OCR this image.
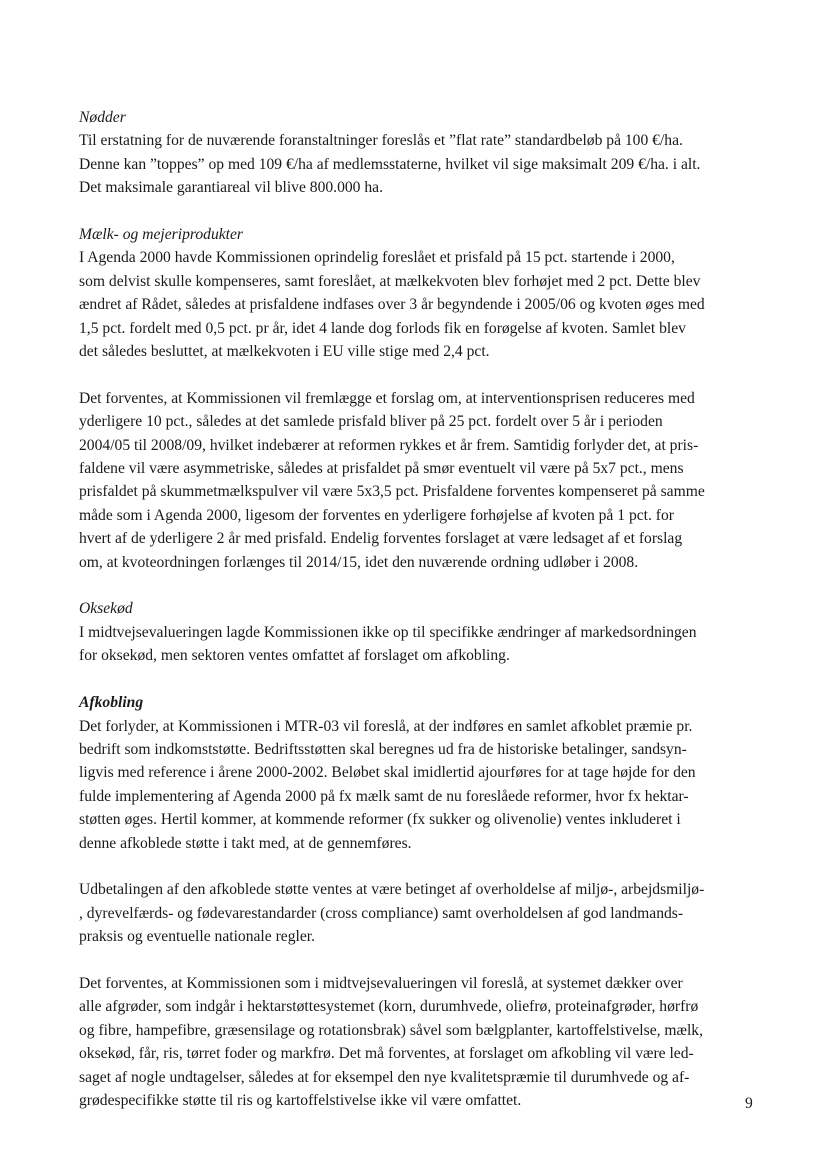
Nødder
Til erstatning for de nuværende foranstaltninger foreslås et ”flat rate” standardbeløb på 100 €/ha.
Denne kan ”toppes” op med 109 €/ha af medlemsstaterne, hvilket vil sige maksimalt 209 €/ha. i alt.
Det maksimale garantiareal vil blive 800.000 ha.
Mælk- og mejeriprodukter
I Agenda 2000 havde Kommissionen oprindelig foreslået et prisfald på 15 pct. startende i 2000,
som delvist skulle kompenseres, samt foreslået, at mælkekvoten blev forhøjet med 2 pct. Dette blev
ændret af Rådet, således at prisfaldene indfases over 3 år begyndende i 2005/06 og kvoten øges med
1,5 pct. fordelt med 0,5 pct. pr år, idet 4 lande dog forlods fik en forøgelse af kvoten. Samlet blev
det således besluttet, at mælkekvoten i EU ville stige med 2,4 pct.
Det forventes, at Kommissionen vil fremlægge et forslag om, at interventionsprisen reduceres med
yderligere 10 pct., således at det samlede prisfald bliver på 25 pct. fordelt over 5 år i perioden
2004/05 til 2008/09, hvilket indebærer at reformen rykkes et år frem. Samtidig forlyder det, at pris-
faldene vil være asymmetriske, således at prisfaldet på smør eventuelt vil være på 5x7 pct., mens
prisfaldet på skummetmælkspulver vil være 5x3,5 pct. Prisfaldene forventes kompenseret på samme
måde som i Agenda 2000, ligesom der forventes en yderligere forhøjelse af kvoten på 1 pct. for
hvert af de yderligere 2 år med prisfald. Endelig forventes forslaget at være ledsaget af et forslag
om, at kvoteordningen forlænges til 2014/15, idet den nuværende ordning udløber i 2008.
Oksekød
I midtvejsevalueringen lagde Kommissionen ikke op til specifikke ændringer af markedsordningen
for oksekød, men sektoren ventes omfattet af forslaget om afkobling.
Afkobling
Det forlyder, at Kommissionen i MTR-03 vil foreslå, at der indføres en samlet afkoblet præmie pr.
bedrift som indkomststøtte. Bedriftsstøtten skal beregnes ud fra de historiske betalinger, sandsyn-
ligvis med reference i årene 2000-2002. Beløbet skal imidlertid ajourføres for at tage højde for den
fulde implementering af Agenda 2000 på fx mælk samt de nu foreslåede reformer, hvor fx hektar-
støtten øges. Hertil kommer, at kommende reformer (fx sukker og olivenolie) ventes inkluderet i
denne afkoblede støtte i takt med, at de gennemføres.
Udbetalingen af den afkoblede støtte ventes at være betinget af overholdelse af miljø-, arbejdsmiljø-
, dyrevelfærds- og fødevarestandarder (cross compliance) samt overholdelsen af god landmands-
praksis og eventuelle nationale regler.
Det forventes, at Kommissionen som i midtvejsevalueringen vil foreslå, at systemet dækker over
alle afgrøder, som indgår i hektarstøttesystemet (korn, durumhvede, oliefrø, proteinafgrøder, hørfrø
og fibre, hampefibre, græsensilage og rotationsbrak) såvel som bælgplanter, kartoffelstivelse, mælk,
oksekød, får, ris, tørret foder og markfrø. Det må forventes, at forslaget om afkobling vil være led-
saget af nogle undtagelser, således at for eksempel den nye kvalitetspræmie til durumhvede og af-
grødespecifikke støtte til ris og kartoffelstivelse ikke vil være omfattet.	9
